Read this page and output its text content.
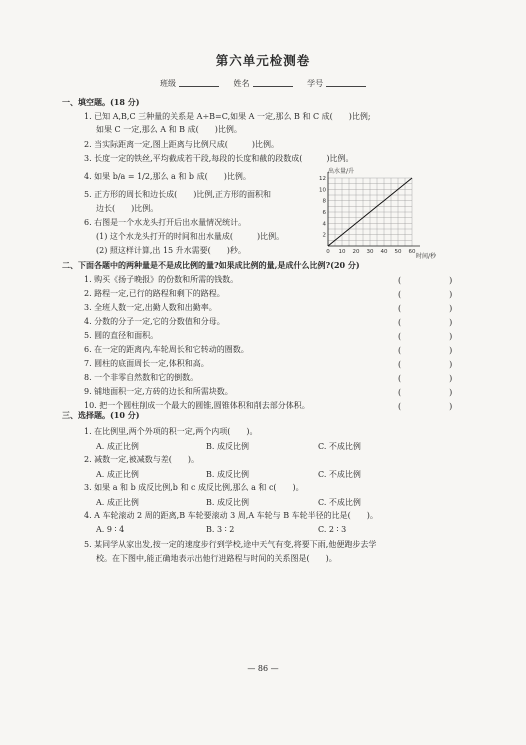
第六单元检测卷
班级	姓名	学号
一、填空题。(18 分)
1. 已知 A,B,C 三种量的关系是 A÷B=C,如果 A 一定,那么 B 和 C 成(　　)比例;
如果 C 一定,那么 A 和 B 成(　　)比例。
2. 当实际距离一定,图上距离与比例尺成(　　　)比例。
3. 长度一定的铁丝,平均截成若干段,每段的长度和截的段数成(　　　)比例。
4. 如果 b/a = 1/2,那么 a 和 b 成(　　)比例。
5. 正方形的周长和边长成(　　)比例,正方形的面积和
边长(　　)比例。
6. 右图是一个水龙头打开后出水量情况统计。
(1) 这个水龙头打开的时间和出水量成(　　　)比例。
(2) 照这样计算,出 15 升水需要(　　)秒。
出水量/升
时间/秒
0 10 20 30 40 50 60
2
4
6
8
10
12
二、下面各题中的两种量是不是成比例的量?如果成比例的量,是成什么比例?(20 分)
1. 购买《扬子晚报》的份数和所需的钱数。	(　　　　　　)
2. 路程一定,已行的路程和剩下的路程。	(　　　　　　)
3. 全班人数一定,出勤人数和出勤率。	(　　　　　　)
4. 分数的分子一定,它的分数值和分母。	(　　　　　　)
5. 圆的直径和面积。	(　　　　　　)
6. 在一定的距离内,车轮周长和它转动的圈数。	(　　　　　　)
7. 圆柱的底面周长一定,体积和高。	(　　　　　　)
8. 一个非零自然数和它的倒数。	(　　　　　　)
9. 铺地面积一定,方砖的边长和所需块数。	(　　　　　　)
10. 把一个圆柱削成一个最大的圆锥,圆锥体积和削去部分体积。	(　　　　　　)
三、选择题。(10 分)
1. 在比例里,两个外项的积一定,两个内项(　　)。
A. 成正比例	B. 成反比例	C. 不成比例
2. 减数一定,被减数与差(　　)。
A. 成正比例	B. 成反比例	C. 不成比例
3. 如果 a 和 b 成反比例,b 和 c 成反比例,那么 a 和 c(　　)。
A. 成正比例	B. 成反比例	C. 不成比例
4. A 车轮滚动 2 周的距离,B 车轮要滚动 3 周,A 车轮与 B 车轮半径的比是(　　)。
A. 9 ∶ 4	B. 3 ∶ 2	C. 2 ∶ 3
5. 某同学从家出发,按一定的速度步行到学校,途中天气有变,将要下雨,他便跑步去学
校。在下图中,能正确地表示出他行进路程与时间的关系图是(　　)。
— 86 —
